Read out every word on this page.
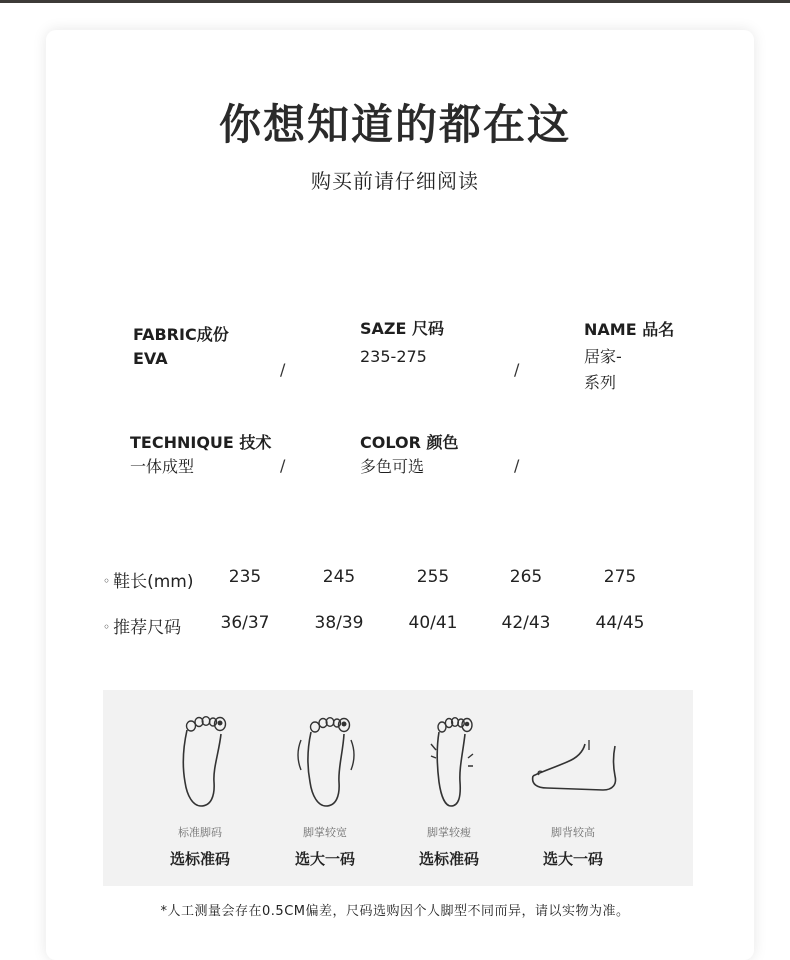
你想知道的都在这
购买前请仔细阅读
FABRIC成份
EVA
/
SAZE 尺码
235-275
/
NAME 品名
居家-
系列
TECHNIQUE 技术
一体成型	/
COLOR 颜色
多色可选	/
◦ 鞋长(mm)	235	245	255	265	275
◦ 推荐尺码	36/37	38/39	40/41	42/43	44/45
标准脚码
选标准码
脚掌较宽
选大一码
脚掌较瘦
选标准码
脚背较高
选大一码
*人工测量会存在0.5CM偏差，尺码选购因个人脚型不同而异，请以实物为准。
